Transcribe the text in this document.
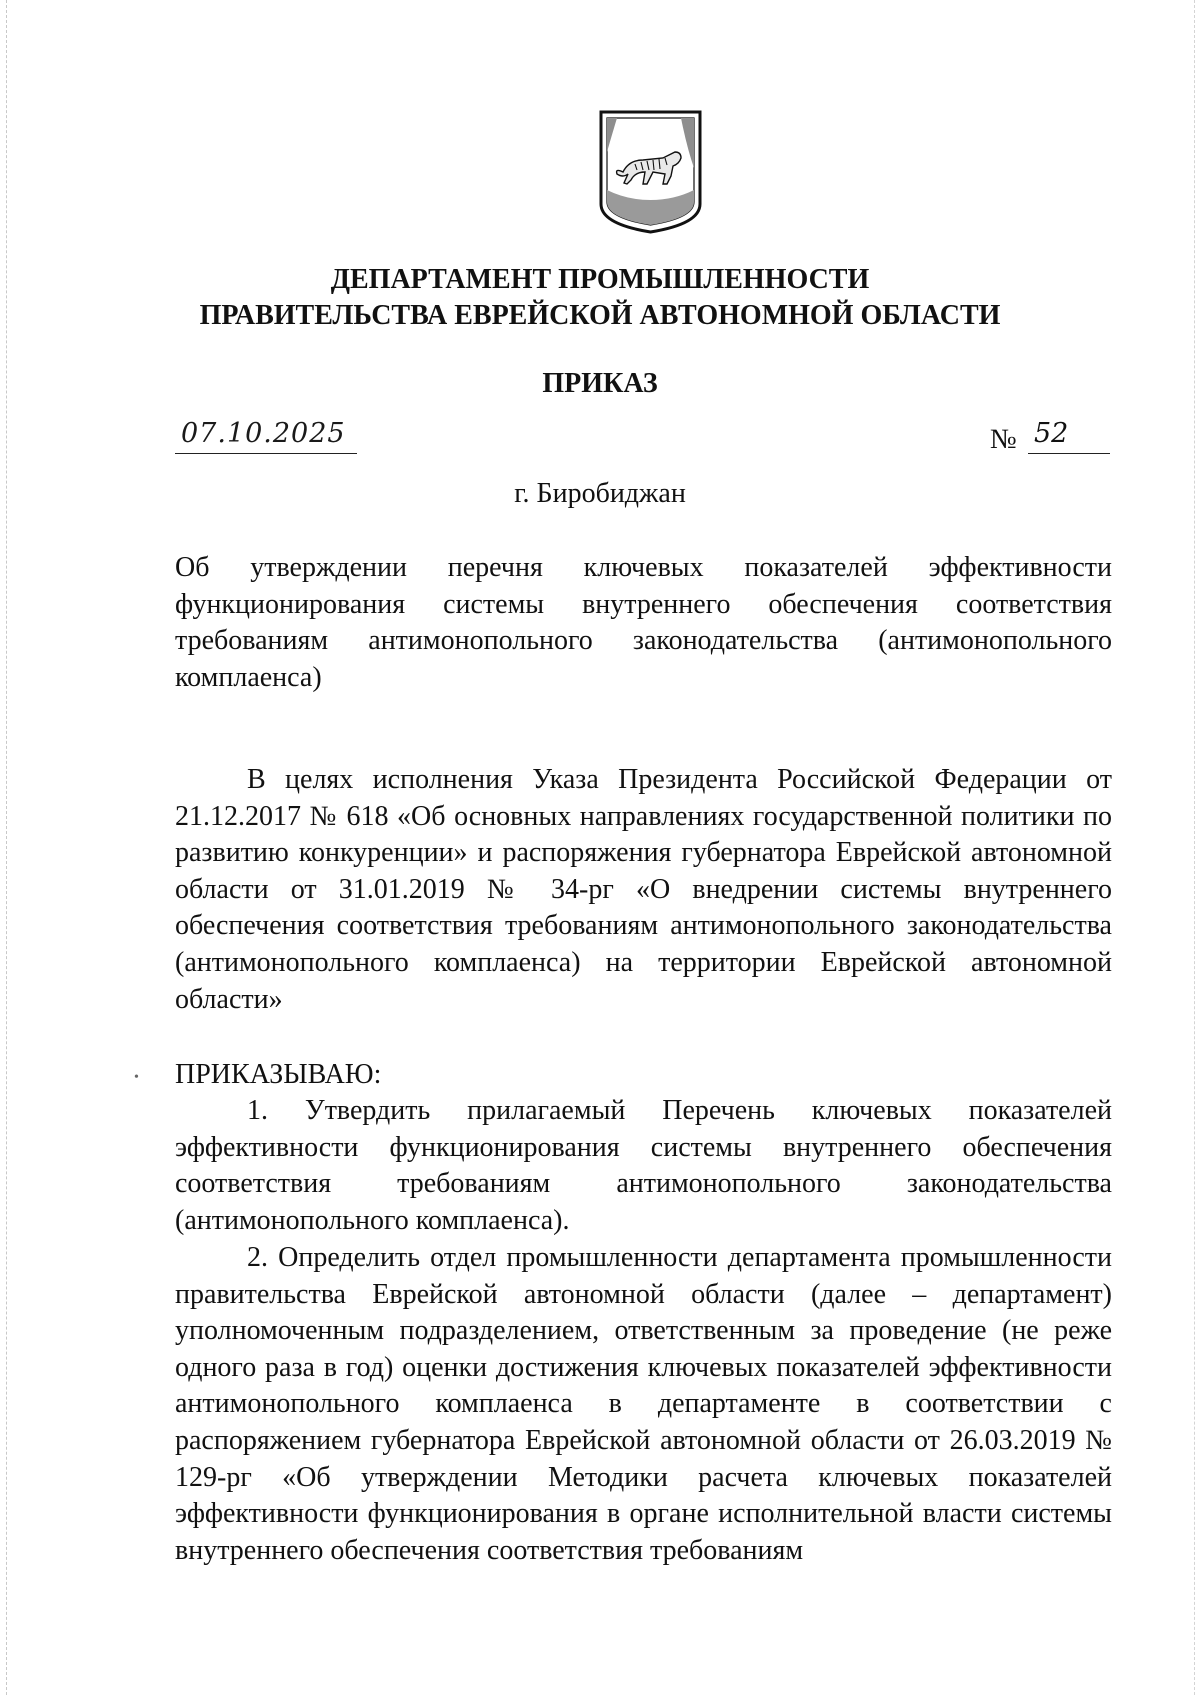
ДЕПАРТАМЕНТ ПРОМЫШЛЕННОСТИ

ПРАВИТЕЛЬСТВА ЕВРЕЙСКОЙ АВТОНОМНОЙ ОБЛАСТИ

ПРИКАЗ

07.10.2025	№ 52
г. Биробиджан

Об утверждении перечня ключевых показателей эффективности функционирования системы внутреннего обеспечения соответствия требованиям антимонопольного законодательства (антимонопольного комплаенса)

В целях исполнения Указа Президента Российской Федерации от 21.12.2017 № 618 «Об основных направлениях государственной политики по развитию конкуренции» и распоряжения губернатора Еврейской автономной области от 31.01.2019 № 34-рг «О внедрении системы внутреннего обеспечения соответствия требованиям антимонопольного законодательства (антимонопольного комплаенса) на территории Еврейской автономной области»

• ПРИКАЗЫВАЮ:

1. Утвердить прилагаемый Перечень ключевых показателей эффективности функционирования системы внутреннего обеспечения соответствия требованиям антимонопольного законодательства (антимонопольного комплаенса).

2. Определить отдел промышленности департамента промышленности правительства Еврейской автономной области (далее – департамент) уполномоченным подразделением, ответственным за проведение (не реже одного раза в год) оценки достижения ключевых показателей эффективности антимонопольного комплаенса в департаменте в соответствии с распоряжением губернатора Еврейской автономной области от 26.03.2019 № 129-рг «Об утверждении Методики расчета ключевых показателей эффективности функционирования в органе исполнительной власти системы внутреннего обеспечения соответствия требованиям
